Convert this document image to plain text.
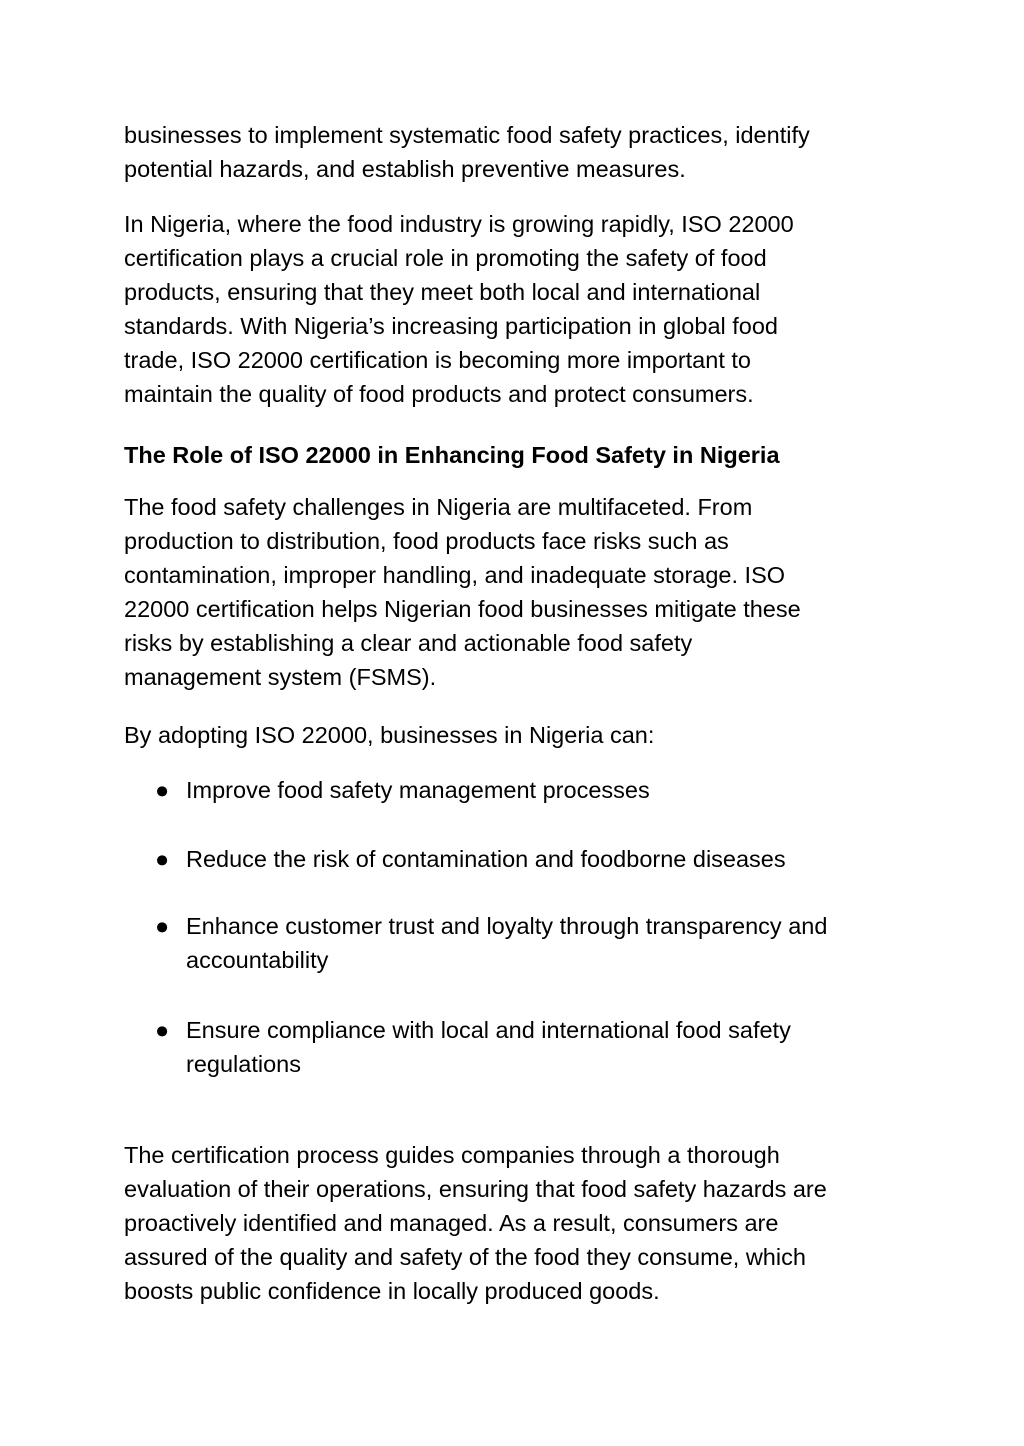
businesses to implement systematic food safety practices, identify
potential hazards, and establish preventive measures.

In Nigeria, where the food industry is growing rapidly, ISO 22000
certification plays a crucial role in promoting the safety of food
products, ensuring that they meet both local and international
standards. With Nigeria’s increasing participation in global food
trade, ISO 22000 certification is becoming more important to
maintain the quality of food products and protect consumers.

The Role of ISO 22000 in Enhancing Food Safety in Nigeria

The food safety challenges in Nigeria are multifaceted. From
production to distribution, food products face risks such as
contamination, improper handling, and inadequate storage. ISO
22000 certification helps Nigerian food businesses mitigate these
risks by establishing a clear and actionable food safety
management system (FSMS).

By adopting ISO 22000, businesses in Nigeria can:

● Improve food safety management processes
● Reduce the risk of contamination and foodborne diseases
● Enhance customer trust and loyalty through transparency and
accountability
● Ensure compliance with local and international food safety
regulations

The certification process guides companies through a thorough
evaluation of their operations, ensuring that food safety hazards are
proactively identified and managed. As a result, consumers are
assured of the quality and safety of the food they consume, which
boosts public confidence in locally produced goods.
